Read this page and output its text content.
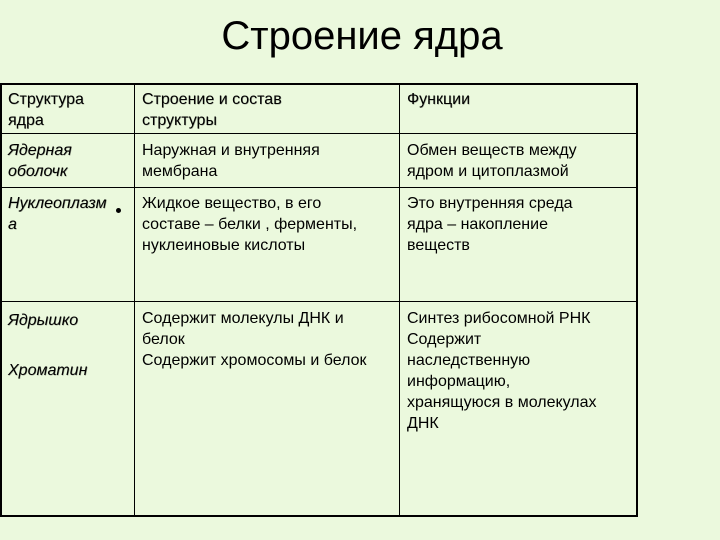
Строение ядра
Структура
ядра
Строение и состав
структуры
Функции
Ядерная
оболочк
Наружная и внутренняя
мембрана
Обмен веществ между
ядром и цитоплазмой
Нуклеоплазм
а
Жидкое вещество, в его
составе – белки , ферменты,
нуклеиновые кислоты
Это внутренняя среда
ядра – накопление
веществ
Ядрышко
Хроматин
Содержит молекулы ДНК и
белок
Содержит хромосомы и белок
Синтез рибосомной РНК
Содержит
наследственную
информацию,
хранящуюся в молекулах
ДНК
